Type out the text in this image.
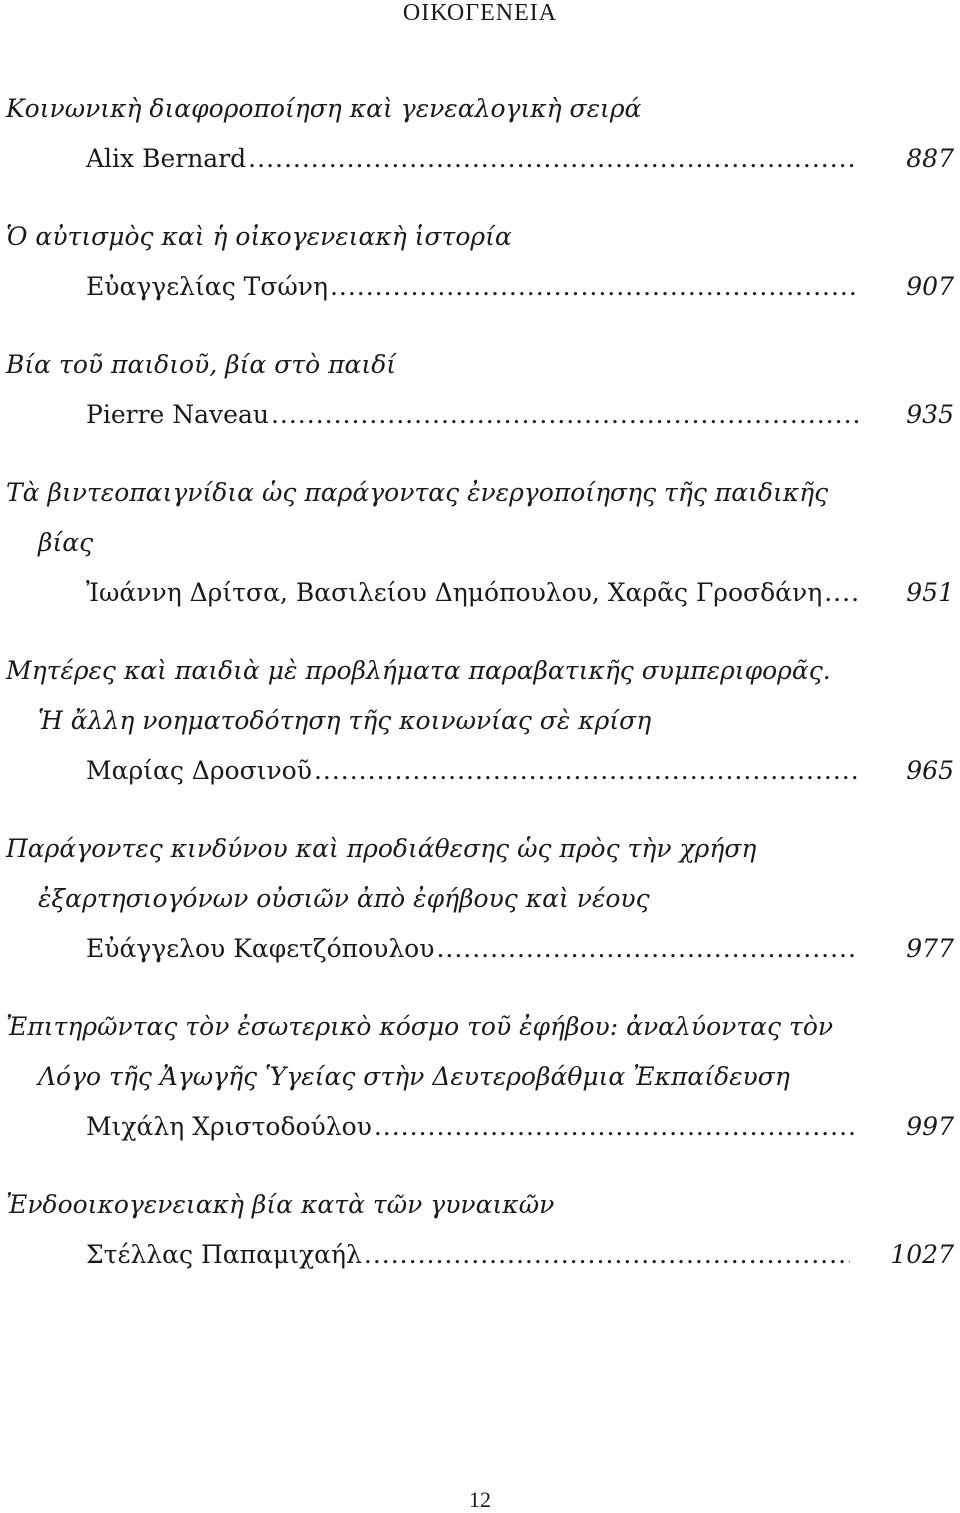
ΟΙΚΟΓΕΝΕΙΑ
Κοινωνικὴ διαφοροποίηση καὶ γενεαλογικὴ σειρά
Alix Bernard .....	887
Ὁ αὐτισμὸς καὶ ἡ οἰκογενειακὴ ἱστορία
Εὐαγγελίας Τσώνη .....	907
Βία τοῦ παιδιοῦ, βία στὸ παιδί
Pierre Naveau .....	935
Τὰ βιντεοπαιγνίδια ὡς παράγοντας ἐνεργοποίησης τῆς παιδικῆς
βίας
Ἰωάννη Δρίτσα, Βασιλείου Δημόπουλου, Χαρᾶς Γροσδάνη .....	951
Μητέρες καὶ παιδιὰ μὲ προβλήματα παραβατικῆς συμπεριφορᾶς.
Ἡ ἄλλη νοηματοδότηση τῆς κοινωνίας σὲ κρίση
Μαρίας Δροσινοῦ .....	965
Παράγοντες κινδύνου καὶ προδιάθεσης ὡς πρὸς τὴν χρήση
ἐξαρτησιογόνων οὐσιῶν ἀπὸ ἐφήβους καὶ νέους
Εὐάγγελου Καφετζόπουλου .....	977
Ἐπιτηρῶντας τὸν ἐσωτερικὸ κόσμο τοῦ ἐφήβου: ἀναλύοντας τὸν
Λόγο τῆς Ἀγωγῆς Ὑγείας στὴν Δευτεροβάθμια Ἐκπαίδευση
Μιχάλη Χριστοδούλου .....	997
Ἐνδοοικογενειακὴ βία κατὰ τῶν γυναικῶν
Στέλλας Παπαμιχαήλ .....	1027
12
